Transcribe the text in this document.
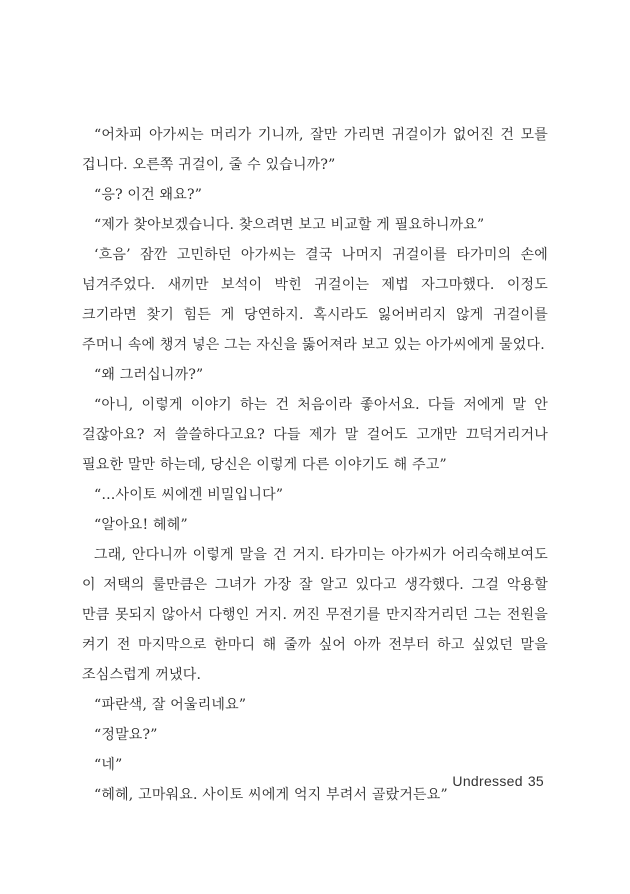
“어차피 아가씨는 머리가 기니까, 잘만 가리면 귀걸이가 없어진 건 모를 겁니다. 오른쪽 귀걸이, 줄 수 있습니까?”

“응? 이건 왜요?”

“제가 찾아보겠습니다. 찾으려면 보고 비교할 게 필요하니까요”

‘흐음’ 잠깐 고민하던 아가씨는 결국 나머지 귀걸이를 타가미의 손에 넘겨주었다. 새끼만 보석이 박힌 귀걸이는 제법 자그마했다. 이정도 크기라면 찾기 힘든 게 당연하지. 혹시라도 잃어버리지 않게 귀걸이를 주머니 속에 챙겨 넣은 그는 자신을 뚫어져라 보고 있는 아가씨에게 물었다.

“왜 그러십니까?”

“아니, 이렇게 이야기 하는 건 처음이라 좋아서요. 다들 저에게 말 안 걸잖아요? 저 쓸쓸하다고요? 다들 제가 말 걸어도 고개만 끄덕거리거나 필요한 말만 하는데, 당신은 이렇게 다른 이야기도 해 주고”

“…사이토 씨에겐 비밀입니다”

“알아요! 헤헤”

그래, 안다니까 이렇게 말을 건 거지. 타가미는 아가씨가 어리숙해보여도 이 저택의 룰만큼은 그녀가 가장 잘 알고 있다고 생각했다. 그걸 악용할 만큼 못되지 않아서 다행인 거지. 꺼진 무전기를 만지작거리던 그는 전원을 켜기 전 마지막으로 한마디 해 줄까 싶어 아까 전부터 하고 싶었던 말을 조심스럽게 꺼냈다.

“파란색, 잘 어울리네요”

“정말요?”

“네”

“헤헤, 고마워요. 사이토 씨에게 억지 부려서 골랐거든요”

Undressed 35
